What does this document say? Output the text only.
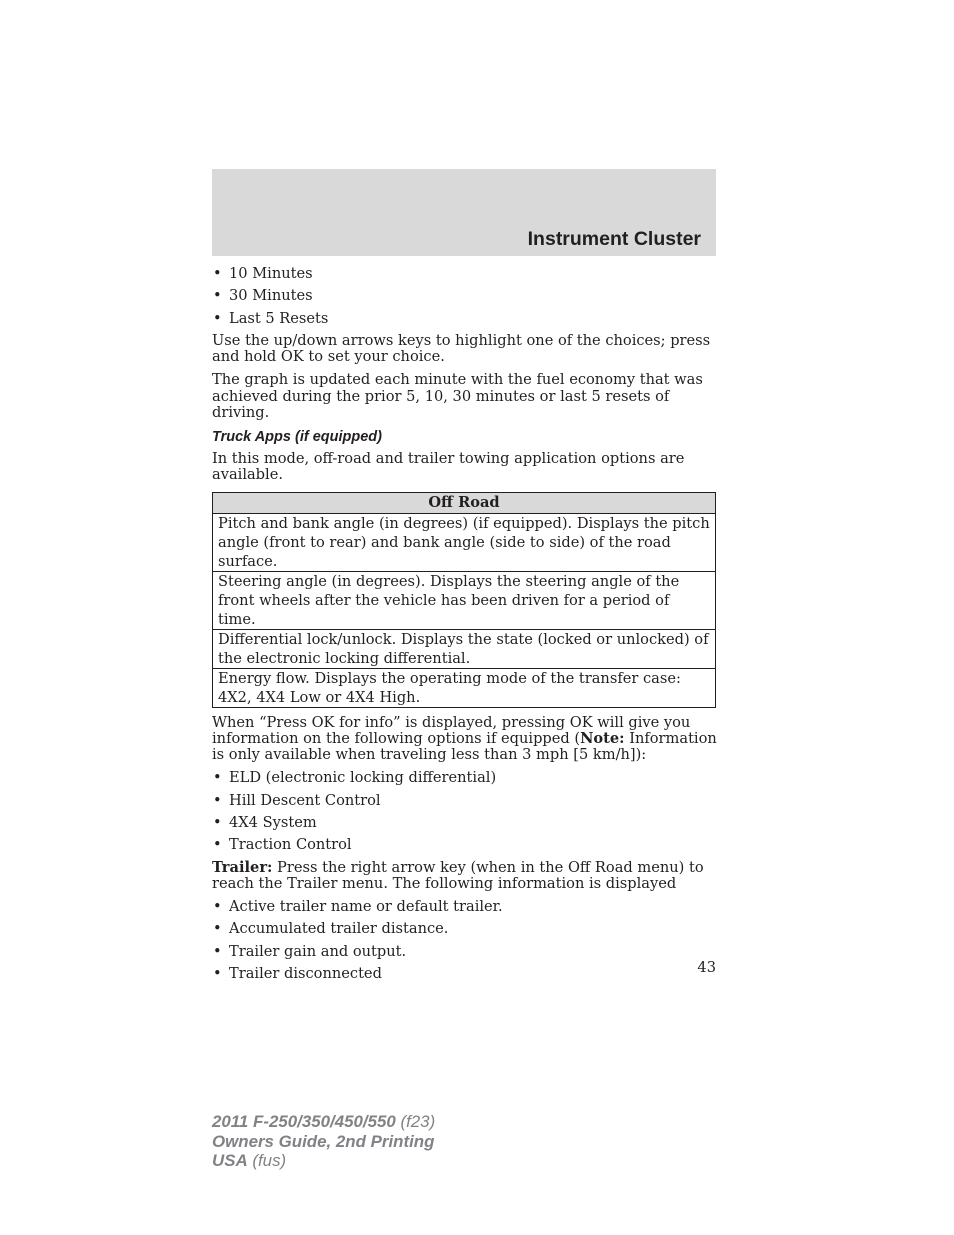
Instrument Cluster
• 10 Minutes
• 30 Minutes
• Last 5 Resets

Use the up/down arrows keys to highlight one of the choices; press and hold OK to set your choice.

The graph is updated each minute with the fuel economy that was achieved during the prior 5, 10, 30 minutes or last 5 resets of driving.

Truck Apps (if equipped)

In this mode, off-road and trailer towing application options are available.

Off Road
Pitch and bank angle (in degrees) (if equipped). Displays the pitch angle (front to rear) and bank angle (side to side) of the road surface.
Steering angle (in degrees). Displays the steering angle of the front wheels after the vehicle has been driven for a period of time.
Differential lock/unlock. Displays the state (locked or unlocked) of the electronic locking differential.
Energy flow. Displays the operating mode of the transfer case: 4X2, 4X4 Low or 4X4 High.

When “Press OK for info” is displayed, pressing OK will give you information on the following options if equipped (Note: Information is only available when traveling less than 3 mph [5 km/h]):

• ELD (electronic locking differential)
• Hill Descent Control
• 4X4 System
• Traction Control

Trailer: Press the right arrow key (when in the Off Road menu) to reach the Trailer menu. The following information is displayed

• Active trailer name or default trailer.
• Accumulated trailer distance.
• Trailer gain and output.
• Trailer disconnected	43
2011 F-250/350/450/550 (f23)
Owners Guide, 2nd Printing
USA (fus)
